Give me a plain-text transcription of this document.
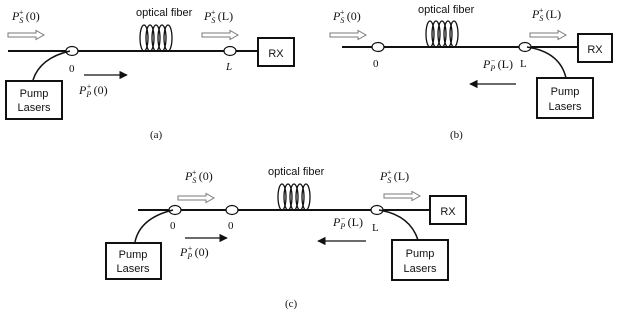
optical fiber
$P_S+ (0)$
0
Pump
Lasers
$P_P+ (0)$
$P_S+ (L)$
L
RX
(a)
optical fiber
$P_S+ (0)$
0
$P_S+ (L)$
L
RX
$P_P- (L)$
Pump
Lasers
(b)
optical fiber
$P_S+ (0)$
0	0
Pump
Lasers
$P_P+ (0)$
$P_S+ (L)$
L
RX
$P_P- (L)$
Pump
Lasers
(c)
